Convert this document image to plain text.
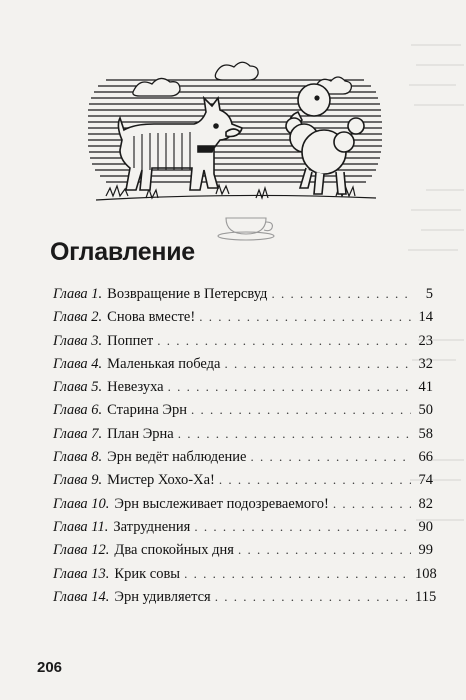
Оглавление
Глава 1. Возвращение в Петерсвуд . . .	5
Глава 2. Снова вместе! . . .	14
Глава 3. Поппет . . .	23
Глава 4. Маленькая победа . . .	32
Глава 5. Невезуха . . .	41
Глава 6. Старина Эрн . . .	50
Глава 7. План Эрна . . .	58
Глава 8. Эрн ведёт наблюдение . . .	66
Глава 9. Мистер Хохо-Ха! . . .	74
Глава 10. Эрн выслеживает подозреваемого! . . .	82
Глава 11. Затруднения . . .	90
Глава 12. Два спокойных дня . . .	99
Глава 13. Крик совы . . .	108
Глава 14. Эрн удивляется . . .	115
206
